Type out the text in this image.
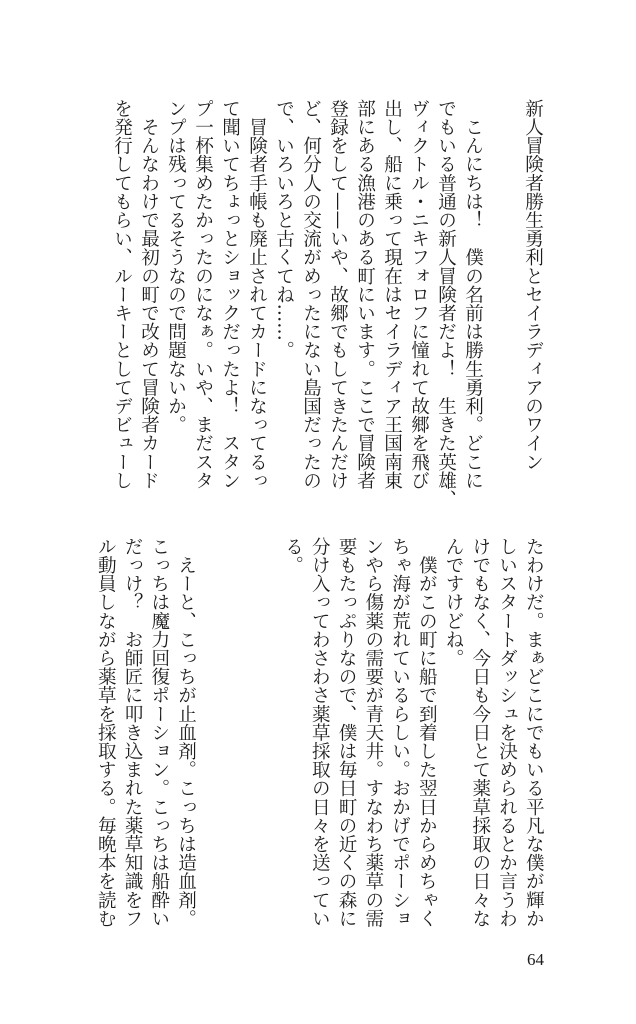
新人冒険者勝生勇利とセイラディアのワイン
　こんにちは！　僕の名前は勝生勇利。どこに
でもいる普通の新人冒険者だよ！　生きた英雄、
ヴィクトル・ニキフォロフに憧れて故郷を飛び
出し、船に乗って現在はセイラディア王国南東
部にある漁港のある町にいます。ここで冒険者
登録をして——いや、故郷でもしてきたんだけ
ど、何分人の交流がめったにない島国だったの
で、いろいろと古くてね……。
　冒険者手帳も廃止されてカードになってるっ
て聞いてちょっとショックだったよ！　スタン
プ一杯集めたかったのになぁ。いや、まだスタ
ンプは残ってるそうなので問題ないか。
　そんなわけで最初の町で改めて冒険者カード
を発行してもらい、ルーキーとしてデビューし
たわけだ。まぁどこにでもいる平凡な僕が輝か
しいスタートダッシュを決められるとか言うわ
けでもなく、今日も今日とて薬草採取の日々な
んですけどね。
　僕がこの町に船で到着した翌日からめちゃく
ちゃ海が荒れているらしい。おかげでポーショ
ンやら傷薬の需要が青天井。すなわち薬草の需
要もたっぷりなので、僕は毎日町の近くの森に
分け入ってわさわさ薬草採取の日々を送ってい
る。
　えーと、こっちが止血剤。こっちは造血剤。
こっちは魔力回復ポーション。こっちは船酔い
だっけ？　お師匠に叩き込まれた薬草知識をフ
ル動員しながら薬草を採取する。毎晩本を読む
64
